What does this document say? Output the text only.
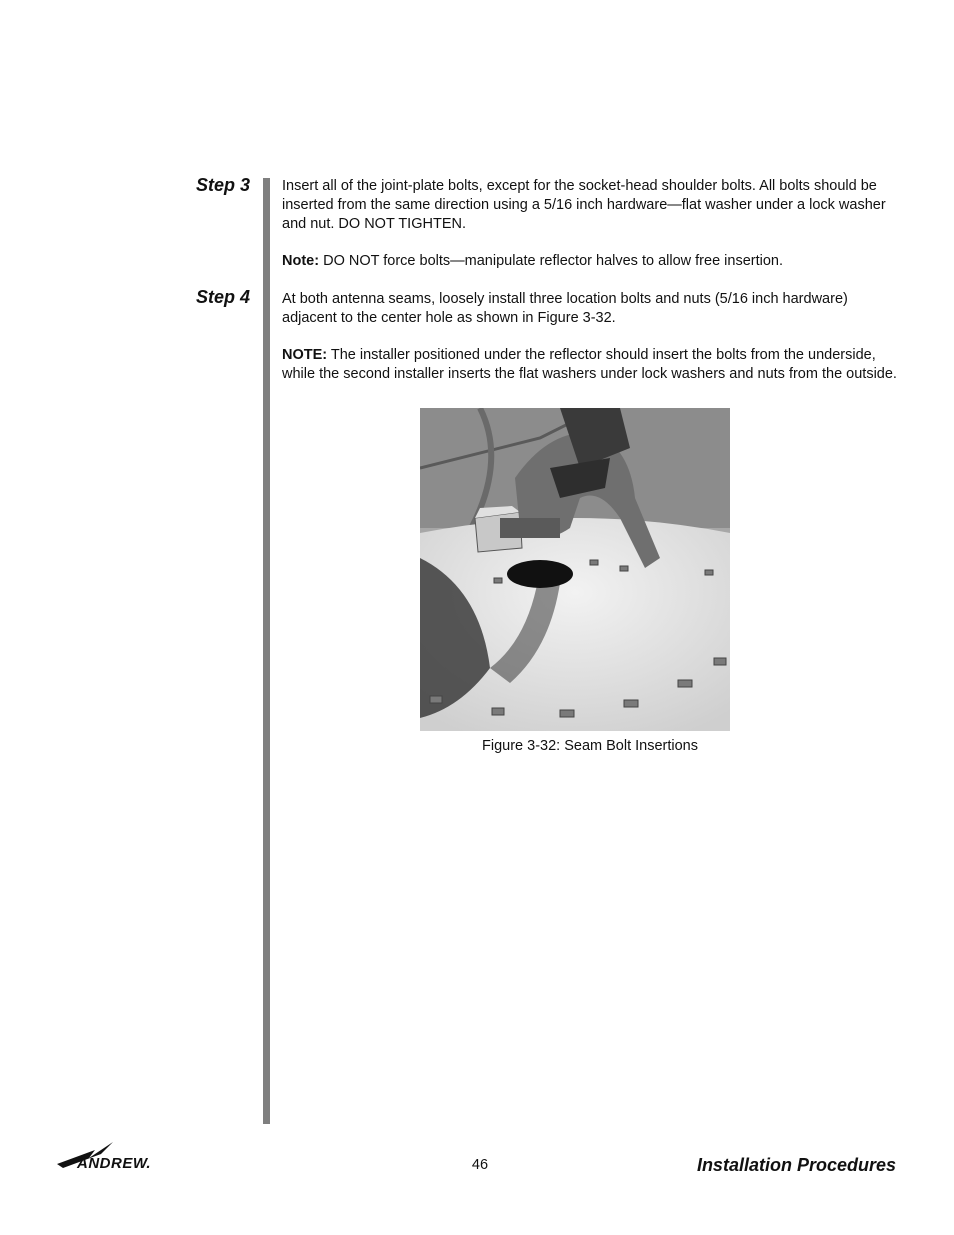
Step 3
Step 4
Insert all of the joint-plate bolts, except for the socket-head shoulder bolts. All bolts should be inserted from the same direction using a 5/16 inch hardware—flat washer under a lock washer and nut. DO NOT TIGHTEN.
Note: DO NOT force bolts—manipulate reflector halves to allow free insertion.
At both antenna seams, loosely install three location bolts and nuts (5/16 inch hardware) adjacent to the center hole as shown in Figure 3-32.
NOTE: The installer positioned under the reflector should insert the bolts from the underside, while the second installer inserts the flat washers under lock washers and nuts from the outside.
Figure 3-32: Seam Bolt Insertions
ANDREW.	46	Installation Procedures
